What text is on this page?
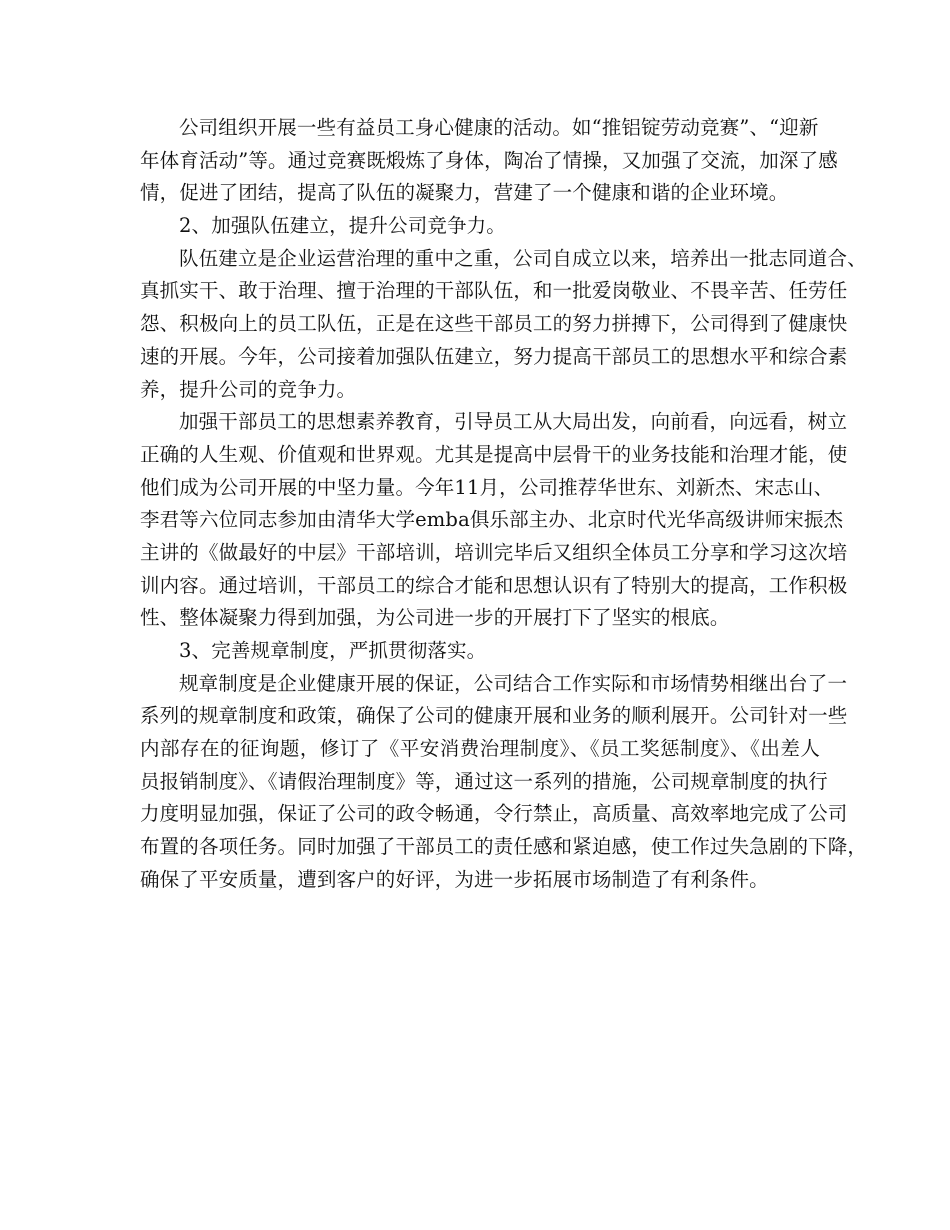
公司组织开展一些有益员工身心健康的活动。如“推铝锭劳动竞赛”、“迎新
年体育活动”等。通过竞赛既煅炼了身体，陶冶了情操，又加强了交流，加深了感
情，促进了团结，提高了队伍的凝聚力，营建了一个健康和谐的企业环境。
2、加强队伍建立，提升公司竞争力。
队伍建立是企业运营治理的重中之重，公司自成立以来，培养出一批志同道合、
真抓实干、敢于治理、擅于治理的干部队伍，和一批爱岗敬业、不畏辛苦、任劳任
怨、积极向上的员工队伍，正是在这些干部员工的努力拼搏下，公司得到了健康快
速的开展。今年，公司接着加强队伍建立，努力提高干部员工的思想水平和综合素
养，提升公司的竞争力。
加强干部员工的思想素养教育，引导员工从大局出发，向前看，向远看，树立
正确的人生观、价值观和世界观。尤其是提高中层骨干的业务技能和治理才能，使
他们成为公司开展的中坚力量。今年11月，公司推荐华世东、刘新杰、宋志山、
李君等六位同志参加由清华大学emba俱乐部主办、北京时代光华高级讲师宋振杰
主讲的《做最好的中层》干部培训，培训完毕后又组织全体员工分享和学习这次培
训内容。通过培训，干部员工的综合才能和思想认识有了特别大的提高，工作积极
性、整体凝聚力得到加强，为公司进一步的开展打下了坚实的根底。
3、完善规章制度，严抓贯彻落实。
规章制度是企业健康开展的保证，公司结合工作实际和市场情势相继出台了一
系列的规章制度和政策，确保了公司的健康开展和业务的顺利展开。公司针对一些
内部存在的征询题，修订了《平安消费治理制度》、《员工奖惩制度》、《出差人
员报销制度》、《请假治理制度》等，通过这一系列的措施，公司规章制度的执行
力度明显加强，保证了公司的政令畅通，令行禁止，高质量、高效率地完成了公司
布置的各项任务。同时加强了干部员工的责任感和紧迫感，使工作过失急剧的下降，
确保了平安质量，遭到客户的好评，为进一步拓展市场制造了有利条件。
